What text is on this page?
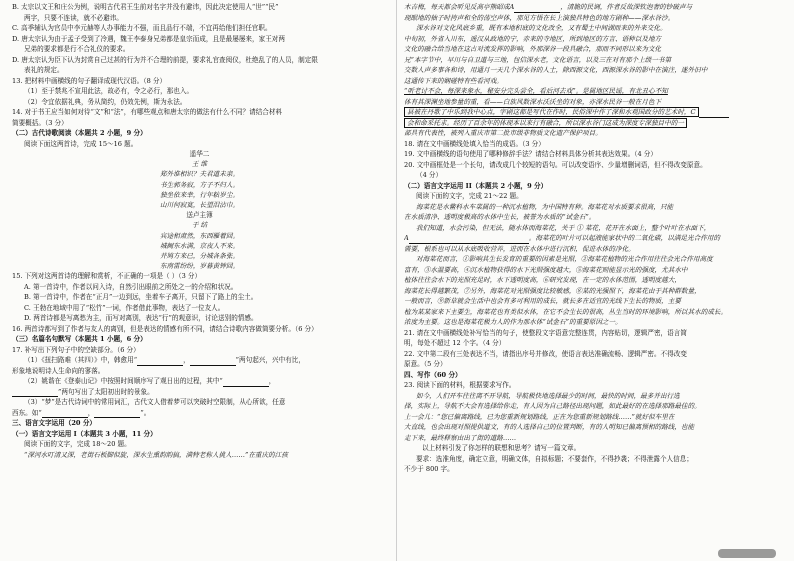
B. 太宗以文王和庄公为例，说明古代君王生前对名字并没有避讳，因此决定使用人“世”“民”
两字，只要不连读，就不必避讳。
C. 高季辅认为官员中李元赫等人办事能力不强，而且品行不端，不宜再给他们担任官职。
D. 唐太宗认为由于孟子受到了冷遇，魏王李泰身兄弟都是皇宗而成，且是最屡屡来，家王对两
兄弟的要求都是行不合礼仪的要求。
D. 唐太宗认为臣下认为封赏自己过甚的行为并不合理的前提，要求礼官查阅仪，杜绝乱了的人员，制定限
表礼的规定。
13. 把材料中画横线的句子翻译成现代汉语。（8 分）
（1）至于禁兆不宣用此法，故必有，令之必行，那也入。
（2）令宜依据礼典，务从简约，仍效先例，斯为永法。
14. 对于书王应当如何对待“文”和“法”，有哪些观点和唐太宗的做法有什么不同？请结合材料
简要概括。（3 分）
（二）古代诗歌阅读（本题共 2 小题，9 分）
阅读下面这两首诗，完成 15～16 题。
遥华二
王 维
郑外谁相识？夫君道未亲。
书生郭务寂，方子不归人。
独坐依来幸，行年粘岁尘。
山川何寂寞，长望泪沾巾。
送卢主簿
于 结
宾途相肃然，东西雁着回。
城阙东水满，京夜人不来。
并鸠方来已，分城各条张。
东南雷纷纷，岁暮黄钟回。
15. 下列对这两首诗的理解和赏析，不正确的一项是（ ）（3 分）
A. 第一首诗中，作者以问入诗，自然引出眼前之所处之一的介绍和状况。
B. 第一首诗中，作者在“正月”一边到远，坐着车子离开，只留下了路上的尘土。
C. 王勃在地域中用了“松竹”一词，作者借此事物，表达了一位友人。
D. 两首诗都是写离愁为主，而写对离别，表达“行”的观意识，讨论送别的情感。
16. 两首诗都写到了作者与友人的离别，但是表达的情感有所不同，请结合诗歌内容做简要分析。（6 分）
（三）名篇名句默写（本题共 1 小题，6 分）
17. 补写出下列句子中的空缺部分。（6 分）
（1）《扭扫路难（其四）》中，韩愈用“	，	”两句起兴，兴中有比，
形象地说明诗人生命向的寥落。
（2）姚谐在《登泰山记》中按照时间顺序写了观日出的过程，其中“	，
”两句写出了太阳初出时的景象。
（3）“梦”是古代诗词中的常用词汇，古代文人借着梦可以突破时空限制，从心所欲，任意
西东。如“	，	”。
三、语言文字运用（20 分）
（一）语言文字运用 I（本题共 3 小题，11 分）
阅读下面的文字，完成 18～20 题。
“深河水叮清又深，老街石板脚似旋，深水生熏韵韵搞，满特老称人挑人……”在重庆的江孩
木吉梅，每天都会听见反高亭熊昭成A	，清脆的民调，作者反故深钦泡奢的钞破声与
现眼地的抽子时挎声和全的荡空声体，那见方悟在长上演独具特色的地方剧种——深水谷沙。
深水谷对文化风底乡重，既有本地积底的文化改全，又有蜀土中间湖而来的外来交化。
中旬初，外省入川东，遥汉从政地的宁，赤来的寺地区，所到地区的方言、语种以及地方
文化的融合给当地在这古对流发挥的影响，外那深谷一段具融合，那而不同形以来为文化
兄“本字节中，早川与自卫道与三地，包信深水老，文化语言，以及三在对有那个上级一书第
交数人声多事各和诗，用通月一天几个深水谷的人士，除西源文化，西源深水谷的影中在演注，遂外旧中
这通传下来的娴碰特有些看河戏。
“听老讨不会，每深来象水，秘安分完头尝全，看后河去戏”。是属地区民谣，有北丑心不知
体有其深渊坐地参量的重，看——白族风数深水沃沃坐的对象，亦深水民谷一般在月色下
县被在丹歌了中乐到我中心点，宇剧这都是写代在作时，民俗深中作了深和水观国政分的艺术时，C
会和命采托求。经历了百余年的体现本以来行有融合，所以深水谷门这成为深度专深独目中的一
部具有代表性，被列入重庆市第二批市级非物质文化遗产保护项目。
18. 请在文中画横线处填入恰当的成语。（3 分）
19. 文中画横线的语句使用了哪种修辞手法？请结合材料具体分析其表达效果。（4 分）
20. 文中画框处是一个长句，请改成几个较短的语句。可以改变语序、少量增删词语，但不得改变原意。
（4 分）
（二）语言文字运用 II（本题共 2 小题，9 分）
阅读下面的文字，完成 21～22 题。
海菜花是水鳖科水车菜属的一种沉水植物，为中国特有种。海菜花对水质要求很高，只能
在水质清净、透明度极高的水体中生长，被誉为水质的“试金石”。
我们知道，水会污染，但无法，随水体而海菜花，关于 ① 菜花，花开在水面上，整个叶叶在水面下，
A	。海菜花的叶片可以起液能家状中的二氧化碳，以满足光合作用的
需要，根系也可以从水底吸收营养，进而在水体中进行沉积，促进水体的净化。
对海菜花而言，①影响其生长发育的重要的因素是光照，②海菜花植物的光合作用往往会光合作用高度
富有，③水温要高，④沉水植物获得的水下光照强度越大，⑤海菜花则能显示光的强度，尤其水中
植体往往会水下的光照充足时，水下透明度高，⑥研究发现，在一定的水体范围，透明度越大，
海菜花长得越繁茂，⑦另外，海菜花对光照强度比较敏感，⑧某的光强照下，海菜花由于其种群数量，
一般而言，⑨新草就会生活中也会有多可利用的成长，就长多在适宜的光线下生长的物质，主要
植为某某家来下主要生，海菜花也有类似水体，在它不会生长的很高，丛生当时的环境影响，所以其水的成长。
浓度为主要。这也是海菜花极力人的作为那水体“试金石”的重要原因之一。
21. 请在文中画横线处补写恰当的句子，使整段文字语意完整连贯，内容贴切，逻辑严密，语言简
明，每处不超过 12 个字。（4 分）
22. 文中第二段有三处表达不当，请指出序号并修改，使语言表达准确流畅、逻辑严密。不得改变
原意。（5 分）
四、写作（60 分）
23. 阅读下面的材料，根据要求写作。
如今，人们开车往往离不开导航，导航极快地选择最少的时间，最快的时间，最多并出行选
择，实际上，导航不大会有选择给你走，有人因为自己路径出现问题，如此最好的在选择那路最佳的。
上一会儿：“您已偏离路线，已为您重新规划路线，正在为您重新规划路线……”就好似车里在
大直线，也会出现对照提供道文，有的人选择自己的位置判断，有的人明知已偏离预相的路线，也能
走下来，最终释察由出了街的道路……
以上材料引发了你怎样的联想和思考？请写一篇文章。
要求：选准角度，确定立意，明确文体，自拟标题；不要套作，不得抄袭；不得泄露个人信息；
不少于 800 字。
